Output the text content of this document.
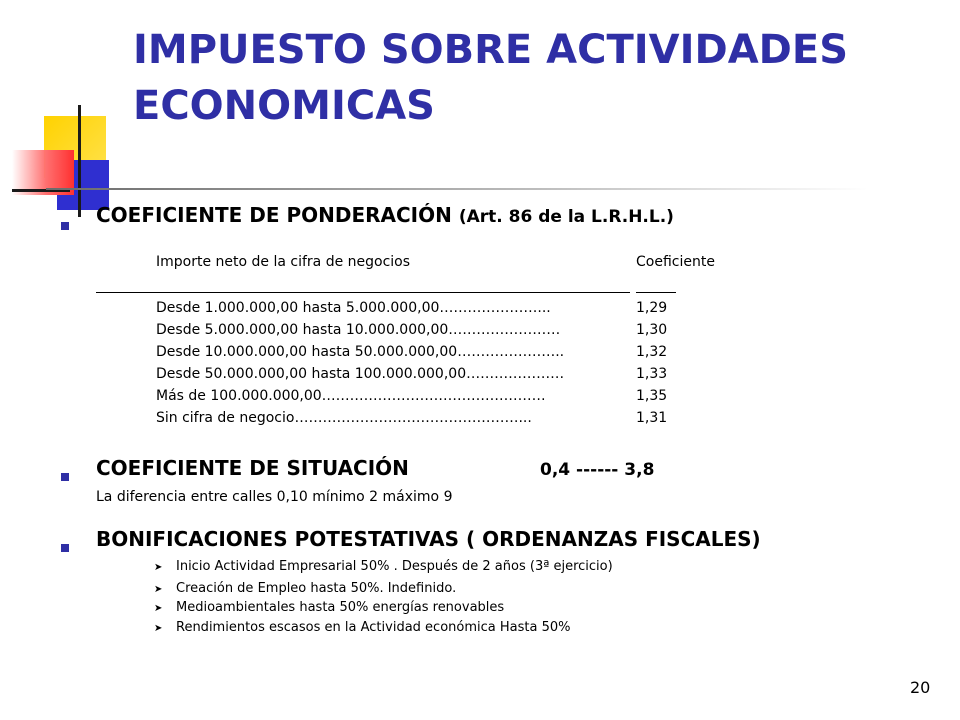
IMPUESTO SOBRE ACTIVIDADES ECONOMICAS
COEFICIENTE DE PONDERACIÓN (Art. 86 de la L.R.H.L.)
Importe neto de la cifra de negocios	Coeficiente
Desde 1.000.000,00 hasta 5.000.000,00…………………...	1,29
Desde 5.000.000,00 hasta 10.000.000,00……………………	1,30
Desde 10.000.000,00 hasta 50.000.000,00…………………..	1,32
Desde 50.000.000,00 hasta 100.000.000,00…………………	1,33
Más de 100.000.000,00…………………………………………	1,35
Sin cifra de negocio…………………………………………...	1,31
COEFICIENTE DE SITUACIÓN	0,4 ------ 3,8
La diferencia entre calles 0,10 mínimo 2 máximo 9
BONIFICACIONES POTESTATIVAS ( ORDENANZAS FISCALES)
➤ Inicio Actividad Empresarial 50% . Después de 2 años (3ª ejercicio)
➤ Creación de Empleo hasta 50%. Indefinido.
➤ Medioambientales hasta 50% energías renovables
➤ Rendimientos escasos en la Actividad económica Hasta 50%
20
